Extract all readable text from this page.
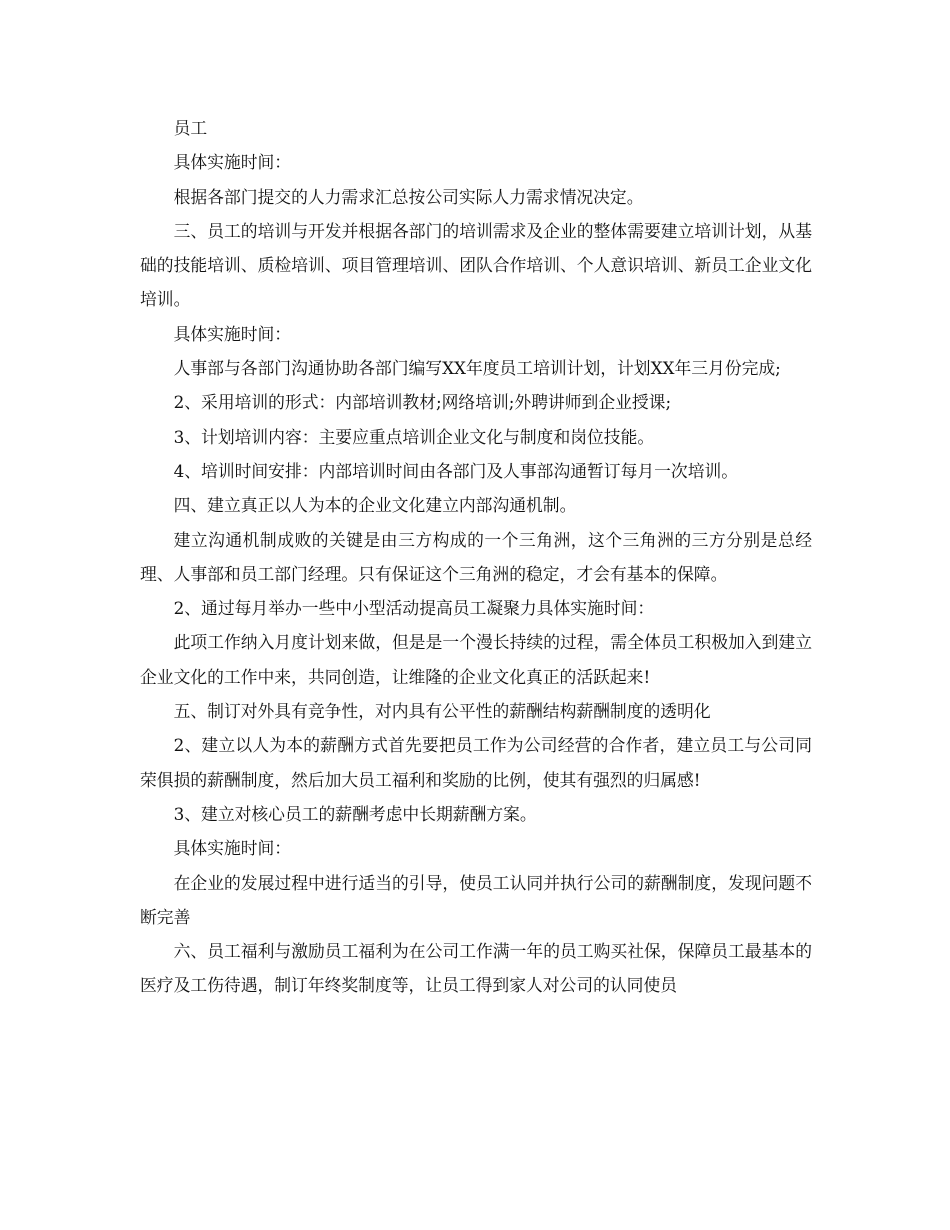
员工

具体实施时间：

根据各部门提交的人力需求汇总按公司实际人力需求情况决定。

三、员工的培训与开发并根据各部门的培训需求及企业的整体需要建立培训计划，从基础的技能培训、质检培训、项目管理培训、团队合作培训、个人意识培训、新员工企业文化培训。

具体实施时间：

人事部与各部门沟通协助各部门编写XX年度员工培训计划，计划XX年三月份完成;

2、采用培训的形式：内部培训教材;网络培训;外聘讲师到企业授课;

3、计划培训内容：主要应重点培训企业文化与制度和岗位技能。

4、培训时间安排：内部培训时间由各部门及人事部沟通暂订每月一次培训。

四、建立真正以人为本的企业文化建立内部沟通机制。

建立沟通机制成败的关键是由三方构成的一个三角洲，这个三角洲的三方分别是总经理、人事部和员工部门经理。只有保证这个三角洲的稳定，才会有基本的保障。

2、通过每月举办一些中小型活动提高员工凝聚力具体实施时间：

此项工作纳入月度计划来做，但是是一个漫长持续的过程，需全体员工积极加入到建立企业文化的工作中来，共同创造，让维隆的企业文化真正的活跃起来!

五、制订对外具有竞争性，对内具有公平性的薪酬结构薪酬制度的透明化

2、建立以人为本的薪酬方式首先要把员工作为公司经营的合作者，建立员工与公司同荣俱损的薪酬制度，然后加大员工福利和奖励的比例，使其有强烈的归属感!

3、建立对核心员工的薪酬考虑中长期薪酬方案。

具体实施时间：

在企业的发展过程中进行适当的引导，使员工认同并执行公司的薪酬制度，发现问题不断完善

六、员工福利与激励员工福利为在公司工作满一年的员工购买社保，保障员工最基本的医疗及工伤待遇，制订年终奖制度等，让员工得到家人对公司的认同使员
